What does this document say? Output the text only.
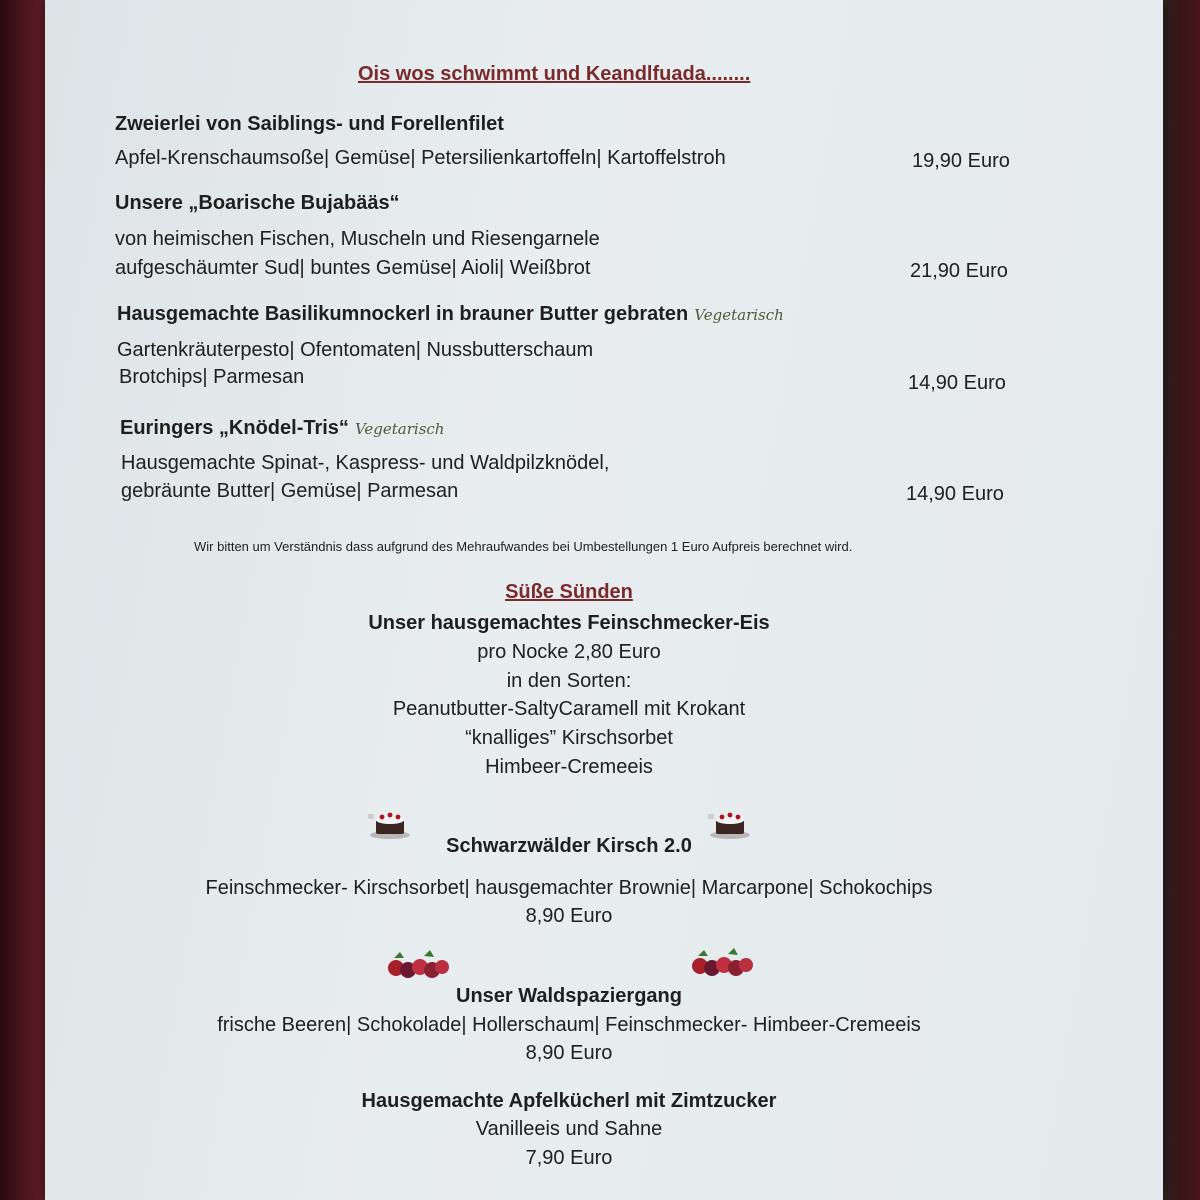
Ois wos schwimmt und Keandlfuada........
Zweierlei von Saiblings- und Forellenfilet
Apfel-Krenschaumsoße| Gemüse| Petersilienkartoffeln| Kartoffelstroh	19,90 Euro
Unsere „Boarische Bujabääs“
von heimischen Fischen, Muscheln und Riesengarnele
aufgeschäumter Sud| buntes Gemüse| Aioli| Weißbrot	21,90 Euro
Hausgemachte Basilikumnockerl in brauner Butter gebraten Vegetarisch
Gartenkräuterpesto| Ofentomaten| Nussbutterschaum
Brotchips| Parmesan	14,90 Euro
Euringers „Knödel-Tris“ Vegetarisch
Hausgemachte Spinat-, Kaspress- und Waldpilzknödel,
gebräunte Butter| Gemüse| Parmesan	14,90 Euro
Wir bitten um Verständnis dass aufgrund des Mehraufwandes bei Umbestellungen 1 Euro Aufpreis berechnet wird.
Süße Sünden
Unser hausgemachtes Feinschmecker-Eis
pro Nocke 2,80 Euro
in den Sorten:
Peanutbutter-SaltyCaramell mit Krokant
“knalliges” Kirschsorbet
Himbeer-Cremeeis
Schwarzwälder Kirsch 2.0
Feinschmecker- Kirschsorbet| hausgemachter Brownie| Marcarpone| Schokochips
8,90 Euro
Unser Waldspaziergang
frische Beeren| Schokolade| Hollerschaum| Feinschmecker- Himbeer-Cremeeis
8,90 Euro
Hausgemachte Apfelkücherl mit Zimtzucker
Vanilleeis und Sahne
7,90 Euro
